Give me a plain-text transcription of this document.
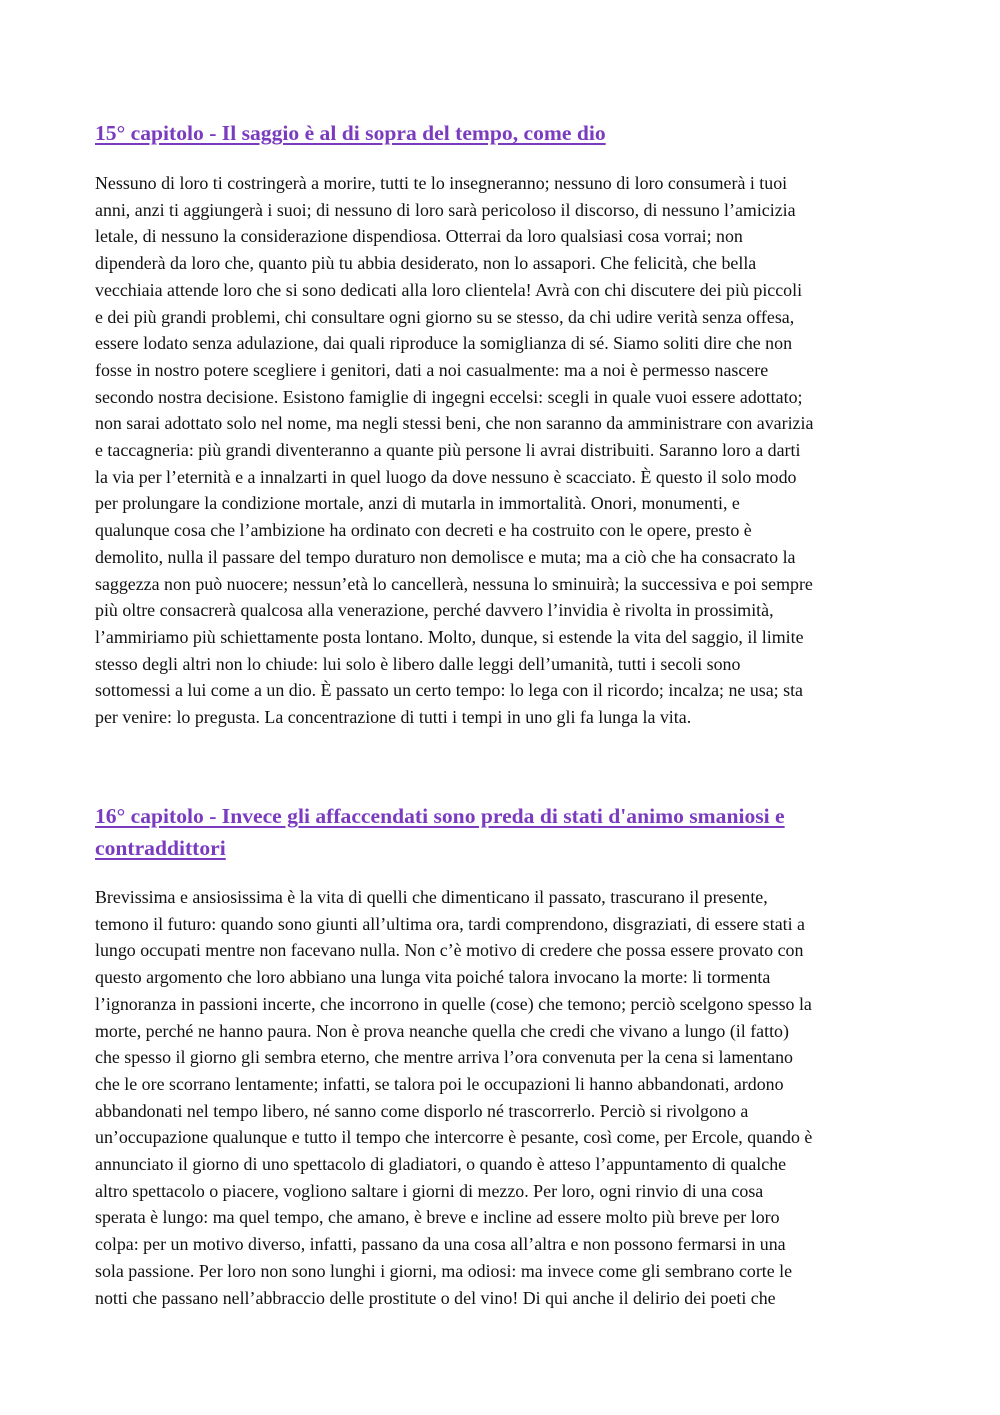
15° capitolo - Il saggio è al di sopra del tempo, come dio

Nessuno di loro ti costringerà a morire, tutti te lo insegneranno; nessuno di loro consumerà i tuoi
anni, anzi ti aggiungerà i suoi; di nessuno di loro sarà pericoloso il discorso, di nessuno l’amicizia
letale, di nessuno la considerazione dispendiosa. Otterrai da loro qualsiasi cosa vorrai; non
dipenderà da loro che, quanto più tu abbia desiderato, non lo assapori. Che felicità, che bella
vecchiaia attende loro che si sono dedicati alla loro clientela! Avrà con chi discutere dei più piccoli
e dei più grandi problemi, chi consultare ogni giorno su se stesso, da chi udire verità senza offesa,
essere lodato senza adulazione, dai quali riproduce la somiglianza di sé. Siamo soliti dire che non
fosse in nostro potere scegliere i genitori, dati a noi casualmente: ma a noi è permesso nascere
secondo nostra decisione. Esistono famiglie di ingegni eccelsi: scegli in quale vuoi essere adottato;
non sarai adottato solo nel nome, ma negli stessi beni, che non saranno da amministrare con avarizia
e taccagneria: più grandi diventeranno a quante più persone li avrai distribuiti. Saranno loro a darti
la via per l’eternità e a innalzarti in quel luogo da dove nessuno è scacciato. È questo il solo modo
per prolungare la condizione mortale, anzi di mutarla in immortalità. Onori, monumenti, e
qualunque cosa che l’ambizione ha ordinato con decreti e ha costruito con le opere, presto è
demolito, nulla il passare del tempo duraturo non demolisce e muta; ma a ciò che ha consacrato la
saggezza non può nuocere; nessun’età lo cancellerà, nessuna lo sminuirà; la successiva e poi sempre
più oltre consacrerà qualcosa alla venerazione, perché davvero l’invidia è rivolta in prossimità,
l’ammiriamo più schiettamente posta lontano. Molto, dunque, si estende la vita del saggio, il limite
stesso degli altri non lo chiude: lui solo è libero dalle leggi dell’umanità, tutti i secoli sono
sottomessi a lui come a un dio. È passato un certo tempo: lo lega con il ricordo; incalza; ne usa; sta
per venire: lo pregusta. La concentrazione di tutti i tempi in uno gli fa lunga la vita.

16° capitolo - Invece gli affaccendati sono preda di stati d'animo smaniosi e contraddittori

Brevissima e ansiosissima è la vita di quelli che dimenticano il passato, trascurano il presente,
temono il futuro: quando sono giunti all’ultima ora, tardi comprendono, disgraziati, di essere stati a
lungo occupati mentre non facevano nulla. Non c’è motivo di credere che possa essere provato con
questo argomento che loro abbiano una lunga vita poiché talora invocano la morte: li tormenta
l’ignoranza in passioni incerte, che incorrono in quelle (cose) che temono; perciò scelgono spesso la
morte, perché ne hanno paura. Non è prova neanche quella che credi che vivano a lungo (il fatto)
che spesso il giorno gli sembra eterno, che mentre arriva l’ora convenuta per la cena si lamentano
che le ore scorrano lentamente; infatti, se talora poi le occupazioni li hanno abbandonati, ardono
abbandonati nel tempo libero, né sanno come disporlo né trascorrerlo. Perciò si rivolgono a
un’occupazione qualunque e tutto il tempo che intercorre è pesante, così come, per Ercole, quando è
annunciato il giorno di uno spettacolo di gladiatori, o quando è atteso l’appuntamento di qualche
altro spettacolo o piacere, vogliono saltare i giorni di mezzo. Per loro, ogni rinvio di una cosa
sperata è lungo: ma quel tempo, che amano, è breve e incline ad essere molto più breve per loro
colpa: per un motivo diverso, infatti, passano da una cosa all’altra e non possono fermarsi in una
sola passione. Per loro non sono lunghi i giorni, ma odiosi: ma invece come gli sembrano corte le
notti che passano nell’abbraccio delle prostitute o del vino! Di qui anche il delirio dei poeti che
